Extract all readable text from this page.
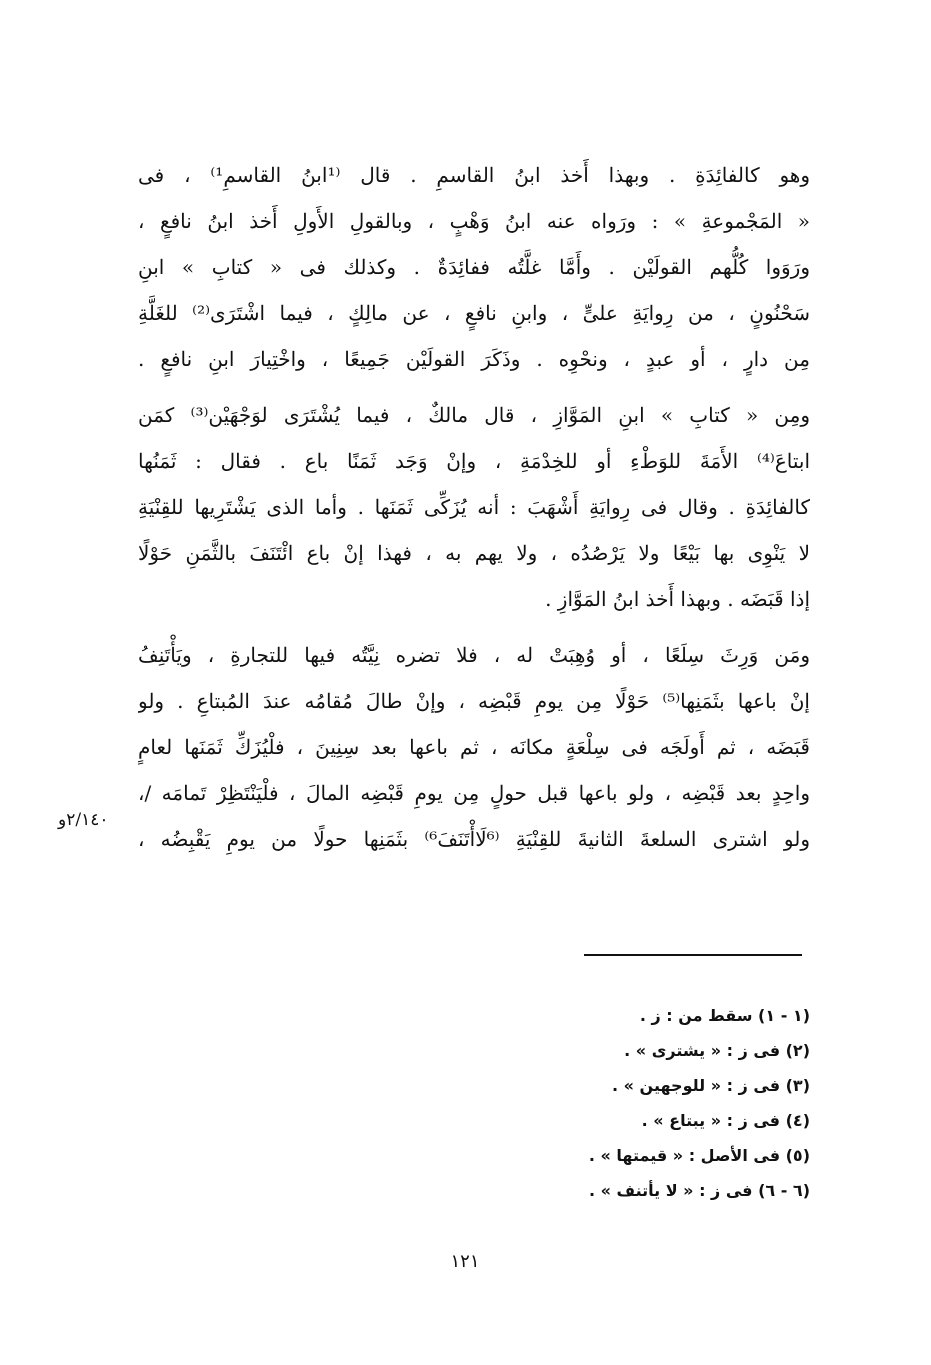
وهو كالفائِدَةِ . وبهذا أَخذ ابنُ القاسمِ . قال ⁽¹ابنُ القاسمِ¹⁾ ، فى
« المَجْموعةِ » : ورَواه عنه ابنُ وَهْبٍ ، وبالقولِ الأَولِ أَخذ ابنُ نافعٍ ،
ورَوَوا كُلُّهم القولَيْن . وأَمَّا غلَّتُه ففائِدَةٌ . وكذلك فى « كتابِ » ابنِ
سَحْنُونٍ ، من رِوايَةِ علىٍّ ، وابنِ نافعٍ ، عن مالِكٍ ، فيما اشْتَرَى⁽²⁾ للغَلَّةِ
مِن دارٍ ، أو عبدٍ ، ونحْوِه . وذَكَرَ القولَيْن جَمِيعًا ، واخْتِيارَ ابنِ نافعٍ .
ومِن « كتابِ » ابنِ المَوَّازِ ، قال مالكٌ ، فيما يُشْتَرَى لوَجْهَيْن⁽³⁾ كمَن
ابتاعَ⁽⁴⁾ الأَمَةَ للوَطْءِ أو للخِدْمَةِ ، وإنْ وَجَد ثَمَنًا باع . فقال : ثَمَنُها
كالفائِدَةِ . وقال فى رِوايَةِ أَشْهَبَ : أنه يُزَكِّى ثَمَنَها . وأما الذى يَشْتَرِيها للقِنْيَةِ
لا يَنْوِى بها بَيْعًا ولا يَرْصُدُه ، ولا يهم به ، فهذا إنْ باع ائْتَنَفَ بالثَّمَنِ حَوْلًا
إذا قَبَضَه . وبهذا أَخذ ابنُ المَوَّازِ .
ومَن وَرِثَ سِلَعًا ، أو وُهِبَتْ له ، فلا تضره نِيَّتُه فيها للتجارةِ ، ويَأْتَنِفُ
إنْ باعها بثَمَنِها⁽⁵⁾ حَوْلًا مِن يومِ قَبْضِه ، وإنْ طالَ مُقامُه عندَ المُبتاعِ . ولو
قَبَضَه ، ثم أَولَجَه فى سِلْعَةٍ مكانَه ، ثم باعها بعد سِنِينَ ، فلْيُزَكِّ ثَمَنَها لعامٍ
واحِدٍ بعد قَبْضِه ، ولو باعها قبل حولٍ مِن يومِ قَبْضِه المالَ ، فلْيَنْتَظِرْ تَمامَه /،
ولو اشترى السلعةَ الثانيةَ للقِنْيَةِ ⁽⁶لَاأْتَنَفَ⁶⁾ بثَمَنِها حولًا من يومِ يَقْبِضُه ،
٢/١٤٠و
(١ - ١) سقط من : ز .
(٢) فى ز : « يشترى » .
(٣) فى ز : « للوجهين » .
(٤) فى ز : « يبتاع » .
(٥) فى الأصل : « قيمتها » .
(٦ - ٦) فى ز : « لا يأتنف » .
١٢١
